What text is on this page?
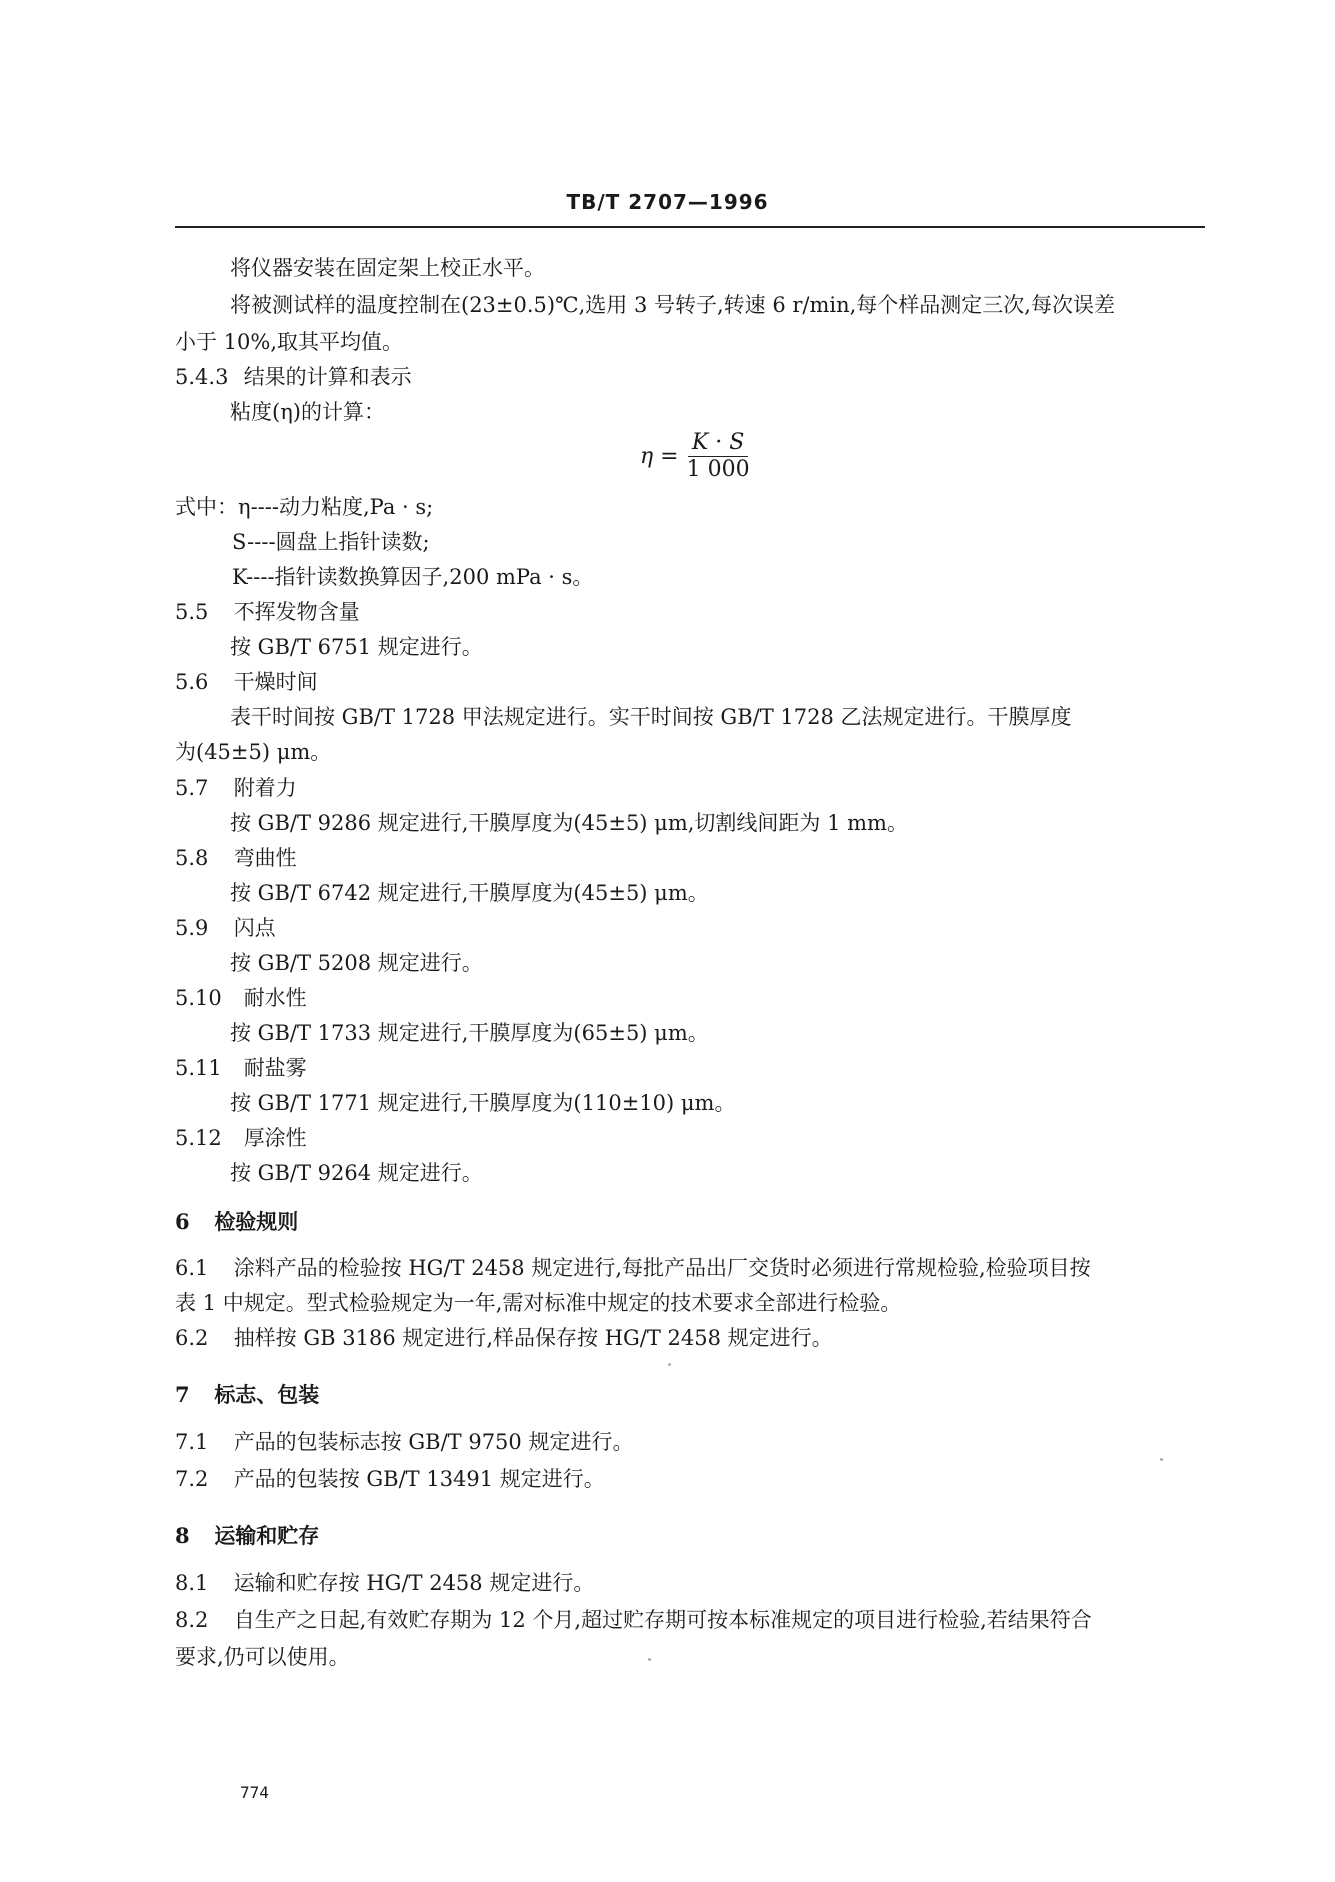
TB/T 2707—1996
将仪器安装在固定架上校正水平。
将被测试样的温度控制在(23±0.5)℃,选用 3 号转子,转速 6 r/min,每个样品测定三次,每次误差
小于 10%,取其平均值。
5.4.3 结果的计算和表示
粘度(η)的计算：
$\eta = \frac{K \cdot S}{1 000}$
式中：η----动力粘度,Pa · s;
S----圆盘上指针读数;
K----指针读数换算因子,200 mPa · s。
5.5 不挥发物含量
按 GB/T 6751 规定进行。
5.6 干燥时间
表干时间按 GB/T 1728 甲法规定进行。实干时间按 GB/T 1728 乙法规定进行。干膜厚度
为(45±5) μm。
5.7 附着力
按 GB/T 9286 规定进行,干膜厚度为(45±5) μm,切割线间距为 1 mm。
5.8 弯曲性
按 GB/T 6742 规定进行,干膜厚度为(45±5) μm。
5.9 闪点
按 GB/T 5208 规定进行。
5.10 耐水性
按 GB/T 1733 规定进行,干膜厚度为(65±5) μm。
5.11 耐盐雾
按 GB/T 1771 规定进行,干膜厚度为(110±10) μm。
5.12 厚涂性
按 GB/T 9264 规定进行。
6 检验规则
6.1 涂料产品的检验按 HG/T 2458 规定进行,每批产品出厂交货时必须进行常规检验,检验项目按
表 1 中规定。型式检验规定为一年,需对标准中规定的技术要求全部进行检验。
6.2 抽样按 GB 3186 规定进行,样品保存按 HG/T 2458 规定进行。
7 标志、包装
7.1 产品的包装标志按 GB/T 9750 规定进行。
7.2 产品的包装按 GB/T 13491 规定进行。
8 运输和贮存
8.1 运输和贮存按 HG/T 2458 规定进行。
8.2 自生产之日起,有效贮存期为 12 个月,超过贮存期可按本标准规定的项目进行检验,若结果符合
要求,仍可以使用。
774
